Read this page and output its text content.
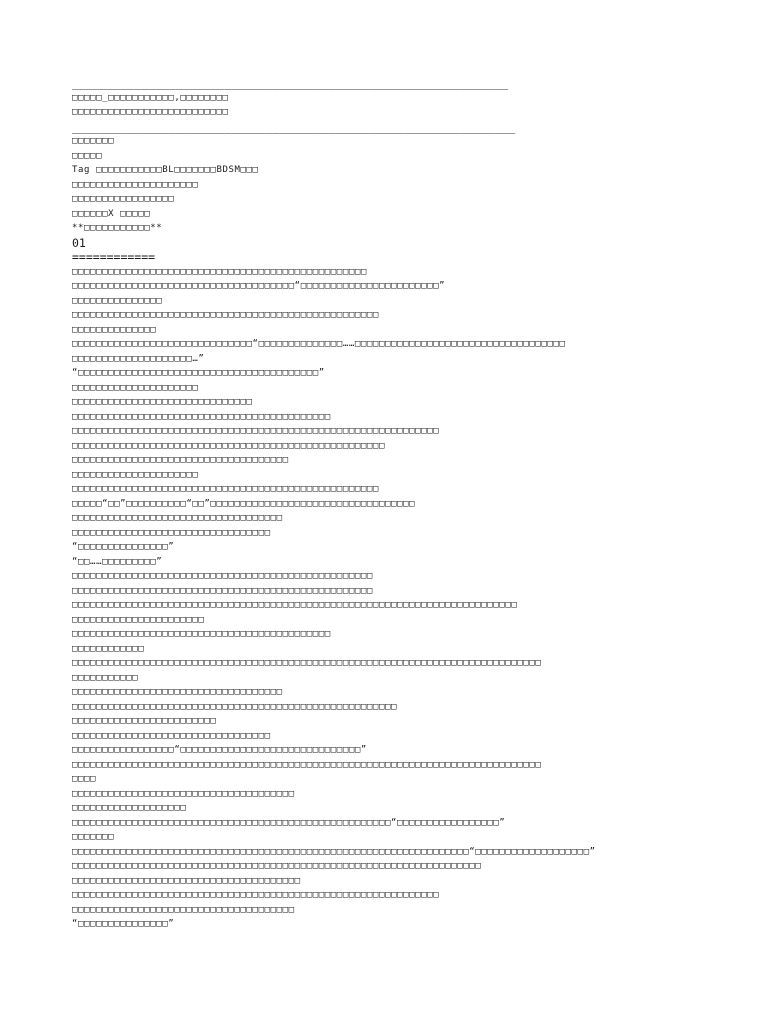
_______________________________________________________________
□□□□□_□□□□□□□□□□□,□□□□□□□□
□□□□□□□□□□□□□□□□□□□□□□□□□□
________________________________________________________________
□□□□□□□
□□□□□
Tag □□□□□□□□□□□BL□□□□□□□BDSM□□□
□□□□□□□□□□□□□□□□□□□□□
□□□□□□□□□□□□□□□□□
□□□□□□X □□□□□
**□□□□□□□□□□□**
01
============
□□□□□□□□□□□□□□□□□□□□□□□□□□□□□□□□□□□□□□□□□□□□□□□□□
□□□□□□□□□□□□□□□□□□□□□□□□□□□□□□□□□□□□□“□□□□□□□□□□□□□□□□□□□□□□□”
□□□□□□□□□□□□□□□
□□□□□□□□□□□□□□□□□□□□□□□□□□□□□□□□□□□□□□□□□□□□□□□□□□□
□□□□□□□□□□□□□□
□□□□□□□□□□□□□□□□□□□□□□□□□□□□□□“□□□□□□□□□□□□□□……□□□□□□□□□□□□□□□□□□□□□□□□□□□□□□□□□□□
□□□□□□□□□□□□□□□□□□□□…”
“□□□□□□□□□□□□□□□□□□□□□□□□□□□□□□□□□□□□□□□□”
□□□□□□□□□□□□□□□□□□□□□
□□□□□□□□□□□□□□□□□□□□□□□□□□□□□□
□□□□□□□□□□□□□□□□□□□□□□□□□□□□□□□□□□□□□□□□□□□
□□□□□□□□□□□□□□□□□□□□□□□□□□□□□□□□□□□□□□□□□□□□□□□□□□□□□□□□□□□□□
□□□□□□□□□□□□□□□□□□□□□□□□□□□□□□□□□□□□□□□□□□□□□□□□□□□□
□□□□□□□□□□□□□□□□□□□□□□□□□□□□□□□□□□□□
□□□□□□□□□□□□□□□□□□□□□
□□□□□□□□□□□□□□□□□□□□□□□□□□□□□□□□□□□□□□□□□□□□□□□□□□□
□□□□□“□□”□□□□□□□□□□“□□”□□□□□□□□□□□□□□□□□□□□□□□□□□□□□□□□□□
□□□□□□□□□□□□□□□□□□□□□□□□□□□□□□□□□□□
□□□□□□□□□□□□□□□□□□□□□□□□□□□□□□□□□
“□□□□□□□□□□□□□□□”
“□□……□□□□□□□□□”
□□□□□□□□□□□□□□□□□□□□□□□□□□□□□□□□□□□□□□□□□□□□□□□□□□
□□□□□□□□□□□□□□□□□□□□□□□□□□□□□□□□□□□□□□□□□□□□□□□□□□
□□□□□□□□□□□□□□□□□□□□□□□□□□□□□□□□□□□□□□□□□□□□□□□□□□□□□□□□□□□□□□□□□□□□□□□□□□
□□□□□□□□□□□□□□□□□□□□□□
□□□□□□□□□□□□□□□□□□□□□□□□□□□□□□□□□□□□□□□□□□□
□□□□□□□□□□□□
□□□□□□□□□□□□□□□□□□□□□□□□□□□□□□□□□□□□□□□□□□□□□□□□□□□□□□□□□□□□□□□□□□□□□□□□□□□□□□
□□□□□□□□□□□
□□□□□□□□□□□□□□□□□□□□□□□□□□□□□□□□□□□
□□□□□□□□□□□□□□□□□□□□□□□□□□□□□□□□□□□□□□□□□□□□□□□□□□□□□□
□□□□□□□□□□□□□□□□□□□□□□□□
□□□□□□□□□□□□□□□□□□□□□□□□□□□□□□□□□
□□□□□□□□□□□□□□□□□“□□□□□□□□□□□□□□□□□□□□□□□□□□□□□□”
□□□□□□□□□□□□□□□□□□□□□□□□□□□□□□□□□□□□□□□□□□□□□□□□□□□□□□□□□□□□□□□□□□□□□□□□□□□□□□
□□□□
□□□□□□□□□□□□□□□□□□□□□□□□□□□□□□□□□□□□□
□□□□□□□□□□□□□□□□□□□
□□□□□□□□□□□□□□□□□□□□□□□□□□□□□□□□□□□□□□□□□□□□□□□□□□□□□“□□□□□□□□□□□□□□□□□”
□□□□□□□
□□□□□□□□□□□□□□□□□□□□□□□□□□□□□□□□□□□□□□□□□□□□□□□□□□□□□□□□□□□□□□□□□□“□□□□□□□□□□□□□□□□□□□”
□□□□□□□□□□□□□□□□□□□□□□□□□□□□□□□□□□□□□□□□□□□□□□□□□□□□□□□□□□□□□□□□□□□□
□□□□□□□□□□□□□□□□□□□□□□□□□□□□□□□□□□□□□□
□□□□□□□□□□□□□□□□□□□□□□□□□□□□□□□□□□□□□□□□□□□□□□□□□□□□□□□□□□□□□
□□□□□□□□□□□□□□□□□□□□□□□□□□□□□□□□□□□□□
“□□□□□□□□□□□□□□□”
